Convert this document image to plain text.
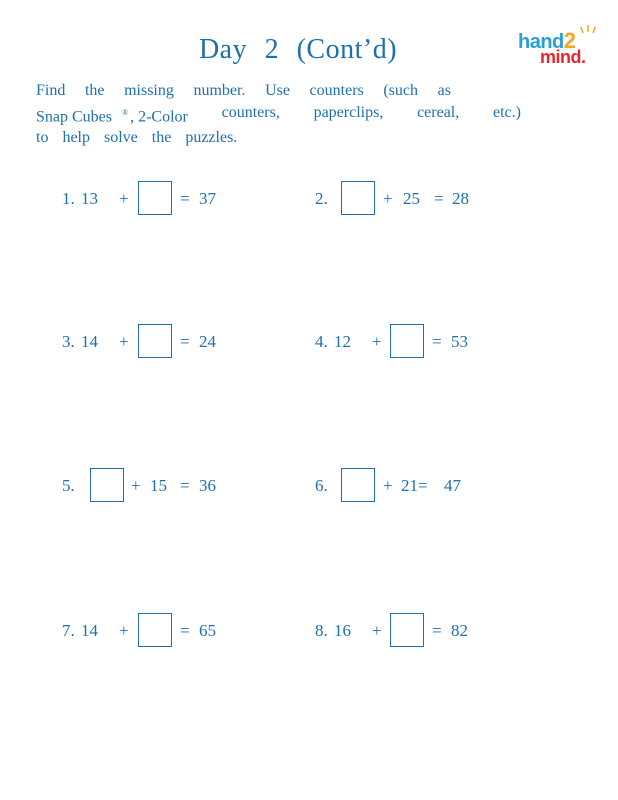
Day 2 (Cont’d)	hand2
mind.
Find the missing number. Use counters (such as
Snap Cubes ® , 2-Color counters, paperclips, cereal, etc.)
to help solve the puzzles.
1. 13 +	= 37	2.	+ 25 = 28
3. 14 +	= 24	4. 12 +	= 53
5.	+ 15 = 36	6.	+ 21= 47
7. 14 +	= 65	8. 16 +	= 82
